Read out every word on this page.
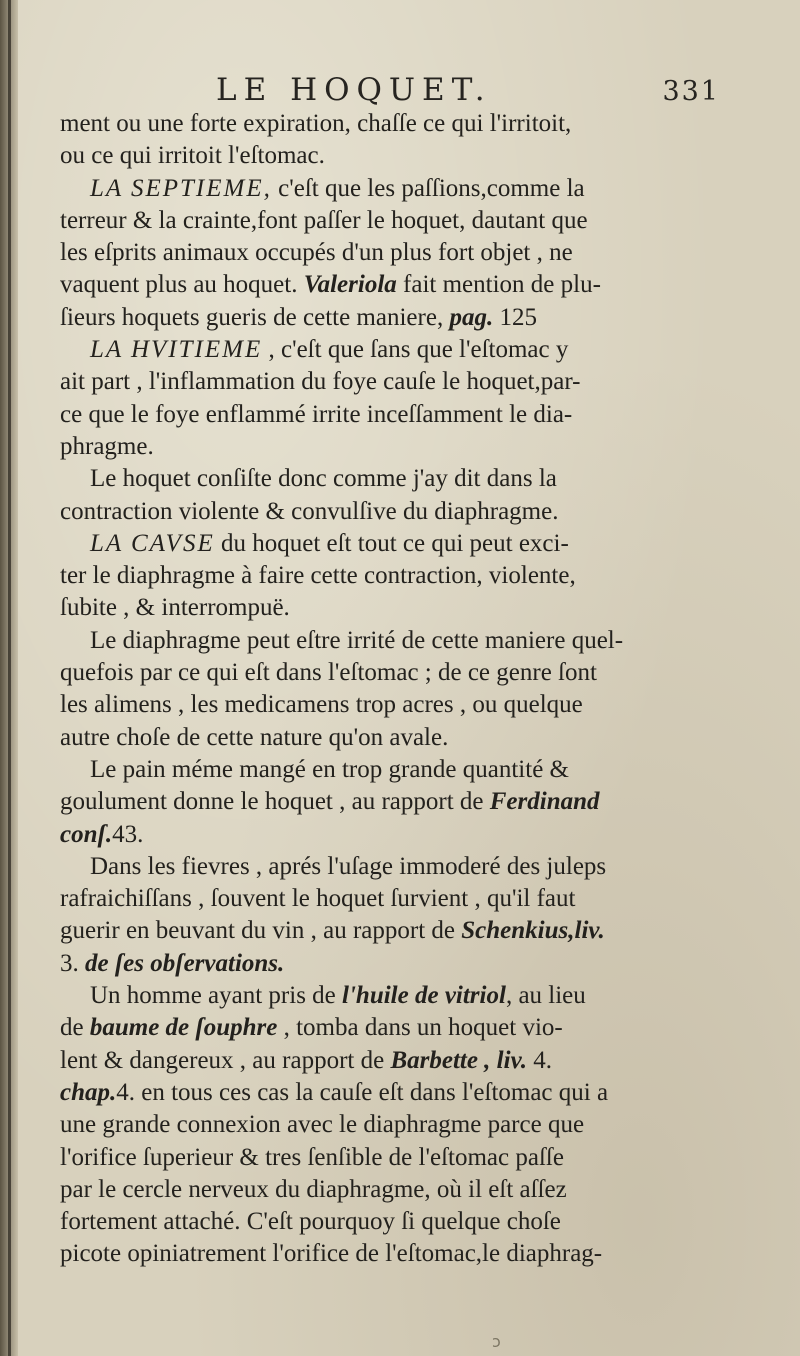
LE HOQUET.	331
ment ou une forte expiration, chaſſe ce qui l'irritoit,
ou ce qui irritoit l'eſtomac.
LA SEPTIEME, c'eſt que les paſſions,comme la
terreur & la crainte,font paſſer le hoquet, dautant que
les eſprits animaux occupés d'un plus fort objet , ne
vaquent plus au hoquet. Valeriola fait mention de plu-
ſieurs hoquets gueris de cette maniere, pag. 125
LA HVITIEME , c'eſt que ſans que l'eſtomac y
ait part , l'inflammation du foye cauſe le hoquet,par-
ce que le foye enflammé irrite inceſſamment le dia-
phragme.
Le hoquet conſiſte donc comme j'ay dit dans la
contraction violente & convulſive du diaphragme.
LA CAVSE du hoquet eſt tout ce qui peut exci-
ter le diaphragme à faire cette contraction, violente,
ſubite , & interrompuë.
Le diaphragme peut eſtre irrité de cette maniere quel-
quefois par ce qui eſt dans l'eſtomac ; de ce genre ſont
les alimens , les medicamens trop acres , ou quelque
autre choſe de cette nature qu'on avale.
Le pain méme mangé en trop grande quantité &
goulument donne le hoquet , au rapport de Ferdinand
conſ.43.
Dans les fievres , aprés l'uſage immoderé des juleps
rafraichiſſans , ſouvent le hoquet ſurvient , qu'il faut
guerir en beuvant du vin , au rapport de Schenkius,liv.
3. de ſes obſervations.
Un homme ayant pris de l'huile de vitriol, au lieu
de baume de ſouphre , tomba dans un hoquet vio-
lent & dangereux , au rapport de Barbette , liv. 4.
chap.4. en tous ces cas la cauſe eſt dans l'eſtomac qui a
une grande connexion avec le diaphragme parce que
l'orifice ſuperieur & tres ſenſible de l'eſtomac paſſe
par le cercle nerveux du diaphragme, où il eſt aſſez
fortement attaché. C'eſt pourquoy ſi quelque choſe
picote opiniatrement l'orifice de l'eſtomac,le diaphrag-
ↄ
